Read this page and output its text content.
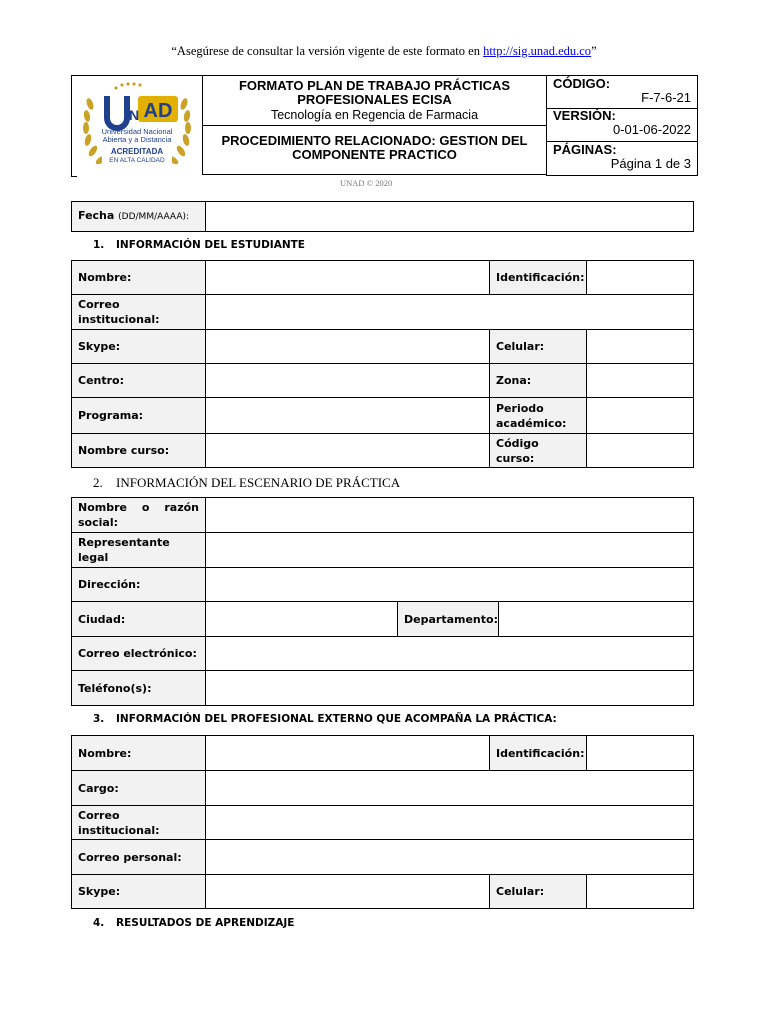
“Asegúrese de consultar la versión vigente de este formato en http://sig.unad.edu.co”
AD
N
Universidad Nacional
Abierta y a Distancia
ACREDITADA
EN ALTA CALIDAD
FORMATO PLAN DE TRABAJO PRÁCTICAS
PROFESIONALES ECISA
Tecnología en Regencia de Farmacia
PROCEDIMIENTO RELACIONADO: GESTION DEL
COMPONENTE PRACTICO
CÓDIGO:
F-7-6-21
VERSIÓN:
0-01-06-2022
PÁGINAS:
Página 1 de 3
UNAD © 2020
Fecha (DD/MM/AAAA):	
1. INFORMACIÓN DEL ESTUDIANTE
Nombre:		Identificación:	
Correo institucional:			
Skype:		Celular:	
Centro:		Zona:	
Programa:		Periodo
académico:	
Nombre curso:		Código curso:	
2. INFORMACIÓN DEL ESCENARIO DE PRÁCTICA
Nombre o razón

social:			

Representante legal			
Dirección:			
Ciudad:		Departamento:	
Correo electrónico:			
Teléfono(s):			
3. INFORMACIÓN DEL PROFESIONAL EXTERNO QUE ACOMPAÑA LA PRÁCTICA:
Nombre:		Identificación:	
Cargo:			
Correo institucional:			
Correo personal:			
Skype:		Celular:	
4. RESULTADOS DE APRENDIZAJE
